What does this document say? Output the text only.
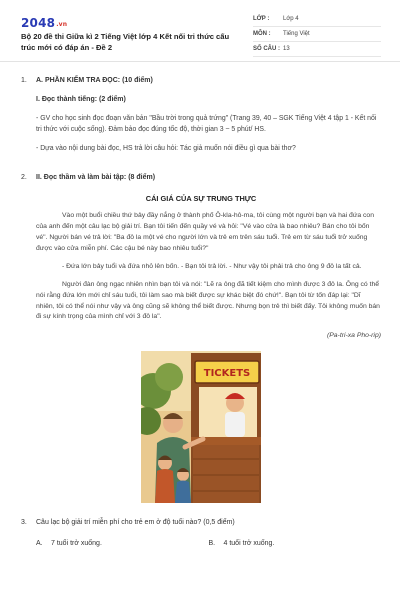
2048.vn
Bộ 20 đề thi Giữa kì 2 Tiếng Việt lớp 4 Kết nối tri thức cấu trúc mới có đáp án - Đề 2
LỚP :	Lớp 4
MÔN :	Tiếng Việt
SỐ CÂU : 13
1.	A. PHẦN KIỂM TRA ĐỌC: (10 điểm)
I. Đọc thành tiếng: (2 điểm)
- GV cho học sinh đọc đoạn văn bản "Bầu trời trong quả trứng" (Trang 39, 40 – SGK Tiếng Việt 4 tập 1 - Kết nối tri thức với cuộc sống). Đảm bảo đọc đúng tốc độ, thời gian 3 ~ 5 phút/ HS.
- Dựa vào nội dung bài đọc, HS trả lời câu hỏi: Tác giả muốn nói điều gì qua bài thơ?
2.	II. Đọc thầm và làm bài tập: (8 điểm)
CÁI GIÁ CỦA SỰ TRUNG THỰC
Vào một buổi chiều thứ bảy đầy nắng ở thành phố Ô-kla-hô-ma, tôi cùng một người bạn và hai đứa con của anh đến một câu lạc bộ giải trí. Bạn tôi tiến đến quầy vé và hỏi: "Vé vào cửa là bao nhiêu? Bán cho tôi bốn vé". Người bán vé trả lời: "Ba đô la một vé cho người lớn và trẻ em trên sáu tuổi. Trẻ em từ sáu tuổi trở xuống được vào cửa miễn phí. Các cậu bé này bao nhiêu tuổi?"
- Đứa lớn bảy tuổi và đứa nhỏ lên bốn. - Bạn tôi trả lời. - Như vậy tôi phải trả cho ông 9 đô la tất cả.
Người đàn ông ngạc nhiên nhìn bạn tôi và nói: "Lẽ ra ông đã tiết kiệm cho mình được 3 đô la. Ông có thể nói rằng đứa lớn mới chỉ sáu tuổi, tôi làm sao mà biết được sự khác biệt đó chứ!". Bạn tôi từ tốn đáp lại: "Dĩ nhiên, tôi có thể nói như vậy và ông cũng sẽ không thể biết được. Nhưng bọn trẻ thì biết đấy. Tôi không muốn bán đi sự kính trọng của mình chỉ với 3 đô la".
(Pa-tri-xa Pho-rip)
TICKETS
3.	Câu lạc bộ giải trí miễn phí cho trẻ em ở độ tuổi nào? (0,5 điểm)
A.	7 tuổi trở xuống.	B.	4 tuổi trở xuống.
